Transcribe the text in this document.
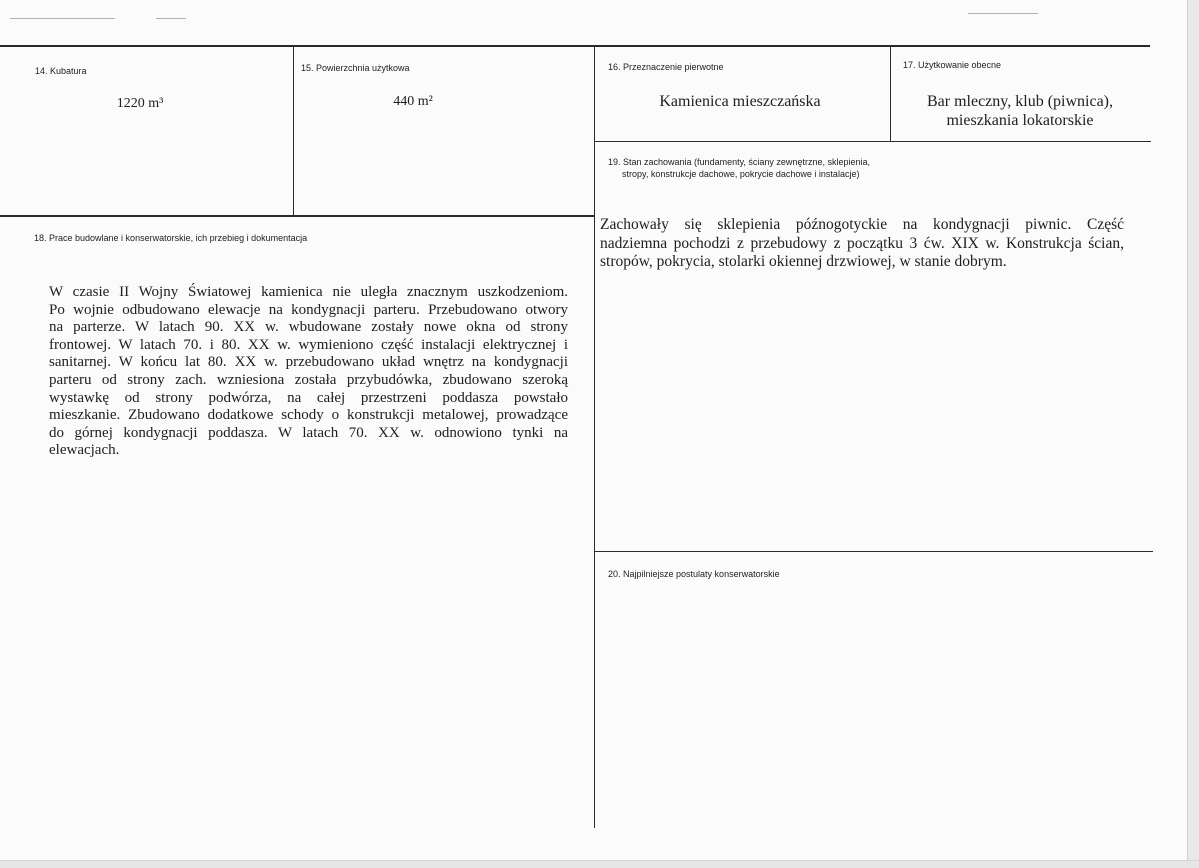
14. Kubatura
1220 m³
15. Powierzchnia użytkowa
440 m²
16. Przeznaczenie pierwotne
Kamienica mieszczańska
17. Użytkowanie obecne
Bar mleczny, klub (piwnica),
mieszkania lokatorskie
19. Stan zachowania (fundamenty, ściany zewnętrzne, sklepienia,
stropy, konstrukcje dachowe, pokrycie dachowe i instalacje)
Zachowały się sklepienia późnogotyckie na kondygnacji piwnic. Część
nadziemna pochodzi z przebudowy z początku 3 ćw. XIX w. Konstrukcja ścian,
stropów, pokrycia, stolarki okiennej drzwiowej, w stanie dobrym.
18. Prace budowlane i konserwatorskie, ich przebieg i dokumentacja
W czasie II Wojny Światowej kamienica nie uległa znacznym uszkodzeniom.
Po wojnie odbudowano elewacje na kondygnacji parteru. Przebudowano otwory
na parterze. W latach 90. XX w. wbudowane zostały nowe okna od strony
frontowej. W latach 70. i 80. XX w. wymieniono część instalacji elektrycznej i
sanitarnej. W końcu lat 80. XX w. przebudowano układ wnętrz na kondygnacji
parteru od strony zach. wzniesiona została przybudówka, zbudowano szeroką
wystawkę od strony podwórza, na całej przestrzeni poddasza powstało
mieszkanie. Zbudowano dodatkowe schody o konstrukcji metalowej, prowadzące
do górnej kondygnacji poddasza. W latach 70. XX w. odnowiono tynki na
elewacjach.
20. Najpilniejsze postulaty konserwatorskie
